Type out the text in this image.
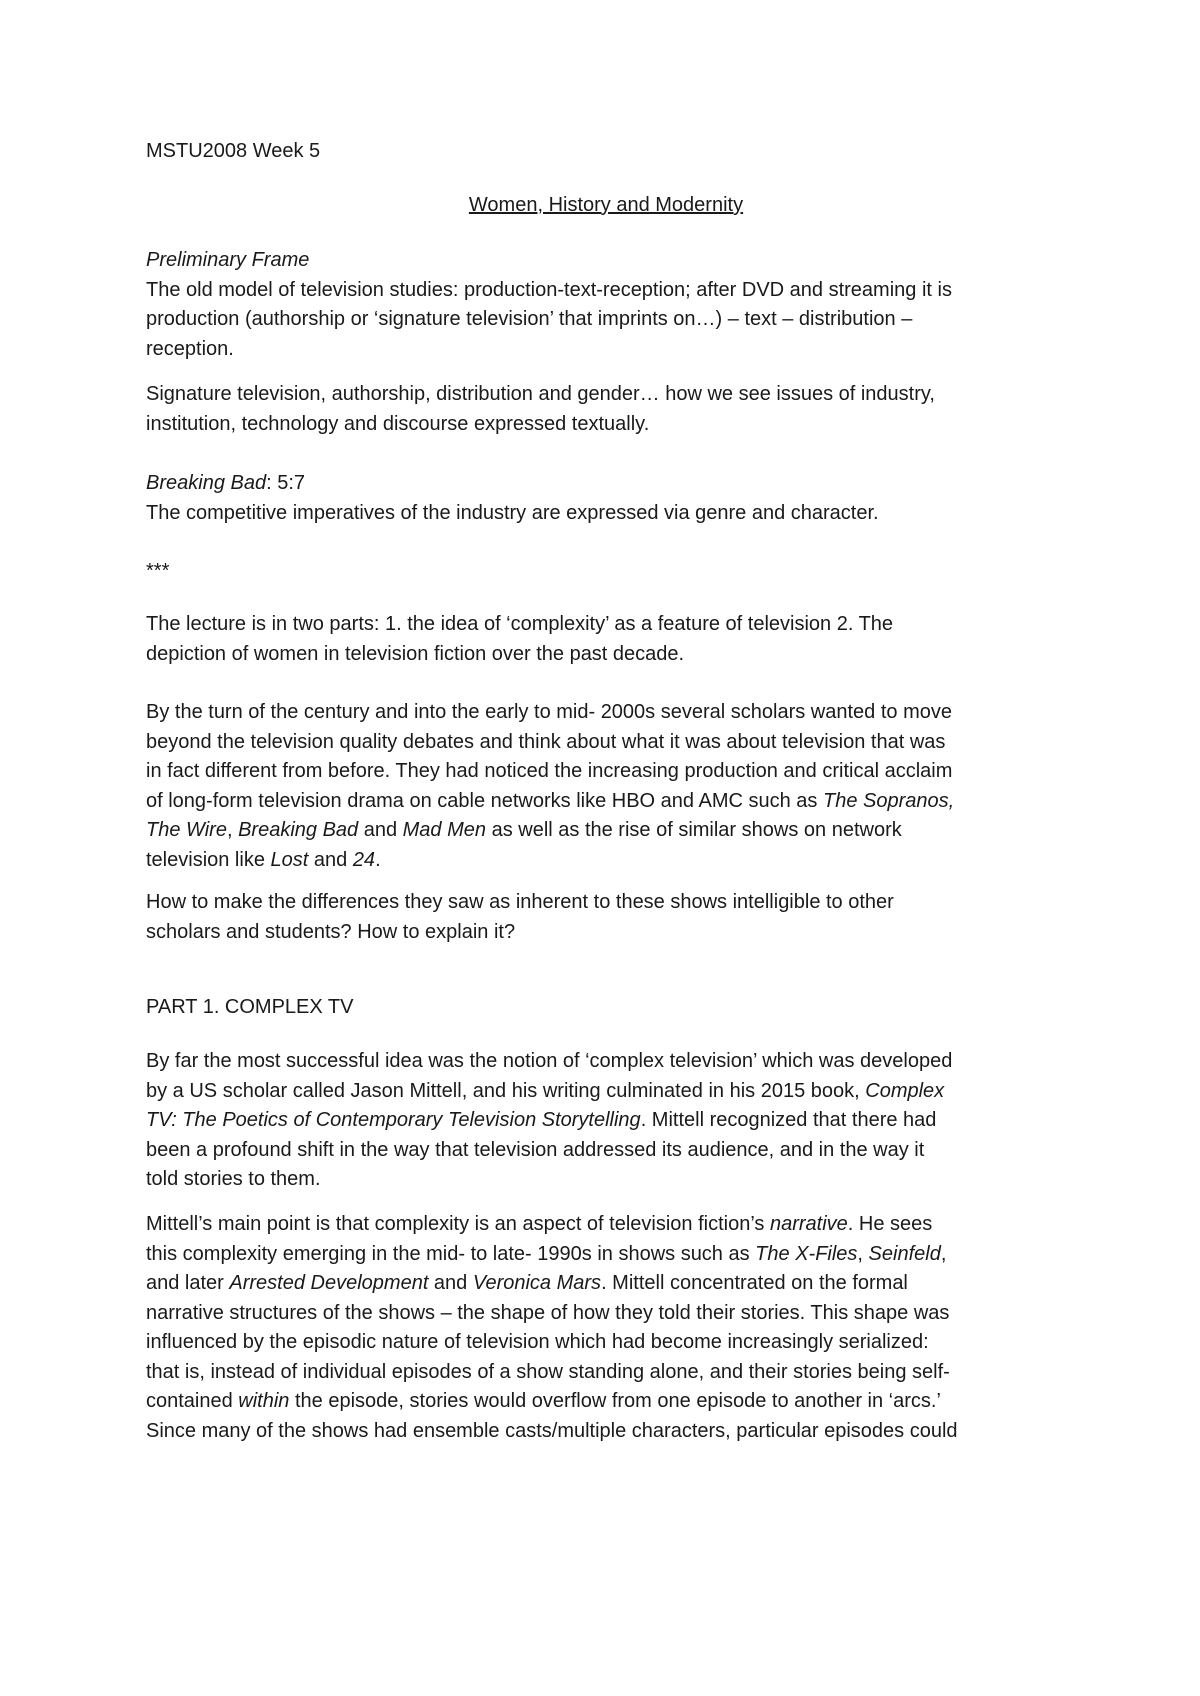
MSTU2008 Week 5

Women, History and Modernity

Preliminary Frame
The old model of television studies: production-text-reception; after DVD and streaming it is
production (authorship or ‘signature television’ that imprints on…) – text – distribution –
reception.

Signature television, authorship, distribution and gender… how we see issues of industry,
institution, technology and discourse expressed textually.

Breaking Bad: 5:7
The competitive imperatives of the industry are expressed via genre and character.

***

The lecture is in two parts: 1. the idea of ‘complexity’ as a feature of television 2. The
depiction of women in television fiction over the past decade.

By the turn of the century and into the early to mid- 2000s several scholars wanted to move
beyond the television quality debates and think about what it was about television that was
in fact different from before. They had noticed the increasing production and critical acclaim
of long-form television drama on cable networks like HBO and AMC such as The Sopranos,
The Wire, Breaking Bad and Mad Men as well as the rise of similar shows on network
television like Lost and 24.

How to make the differences they saw as inherent to these shows intelligible to other
scholars and students? How to explain it?

PART 1. COMPLEX TV

By far the most successful idea was the notion of ‘complex television’ which was developed
by a US scholar called Jason Mittell, and his writing culminated in his 2015 book, Complex
TV: The Poetics of Contemporary Television Storytelling. Mittell recognized that there had
been a profound shift in the way that television addressed its audience, and in the way it
told stories to them.

Mittell’s main point is that complexity is an aspect of television fiction’s narrative. He sees
this complexity emerging in the mid- to late- 1990s in shows such as The X-Files, Seinfeld,
and later Arrested Development and Veronica Mars. Mittell concentrated on the formal
narrative structures of the shows – the shape of how they told their stories. This shape was
influenced by the episodic nature of television which had become increasingly serialized:
that is, instead of individual episodes of a show standing alone, and their stories being self-
contained within the episode, stories would overflow from one episode to another in ‘arcs.’
Since many of the shows had ensemble casts/multiple characters, particular episodes could
